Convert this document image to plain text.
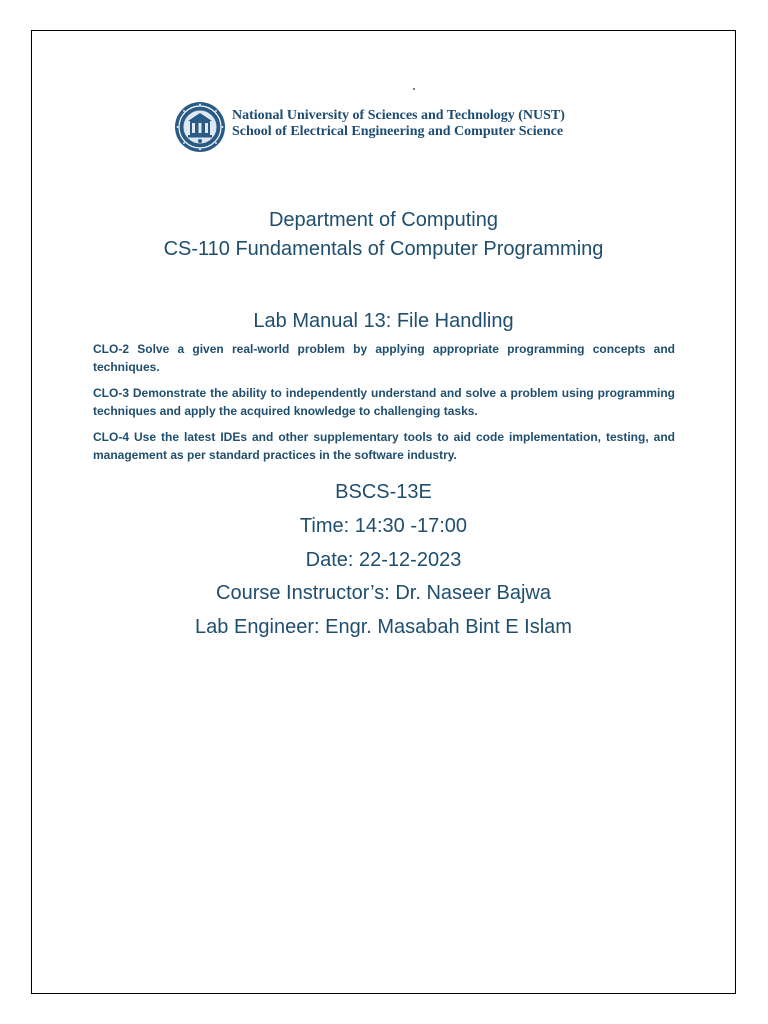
National University of Sciences and Technology (NUST)
School of Electrical Engineering and Computer Science
Department of Computing
CS-110 Fundamentals of Computer Programming
Lab Manual 13: File Handling

CLO-2 Solve a given real-world problem by applying appropriate programming concepts and techniques.

CLO-3 Demonstrate the ability to independently understand and solve a problem using programming techniques and apply the acquired knowledge to challenging tasks.

CLO-4 Use the latest IDEs and other supplementary tools to aid code implementation, testing, and management as per standard practices in the software industry.

BSCS-13E
Time: 14:30 -17:00
Date: 22-12-2023
Course Instructor’s: Dr. Naseer Bajwa
Lab Engineer: Engr. Masabah Bint E Islam
